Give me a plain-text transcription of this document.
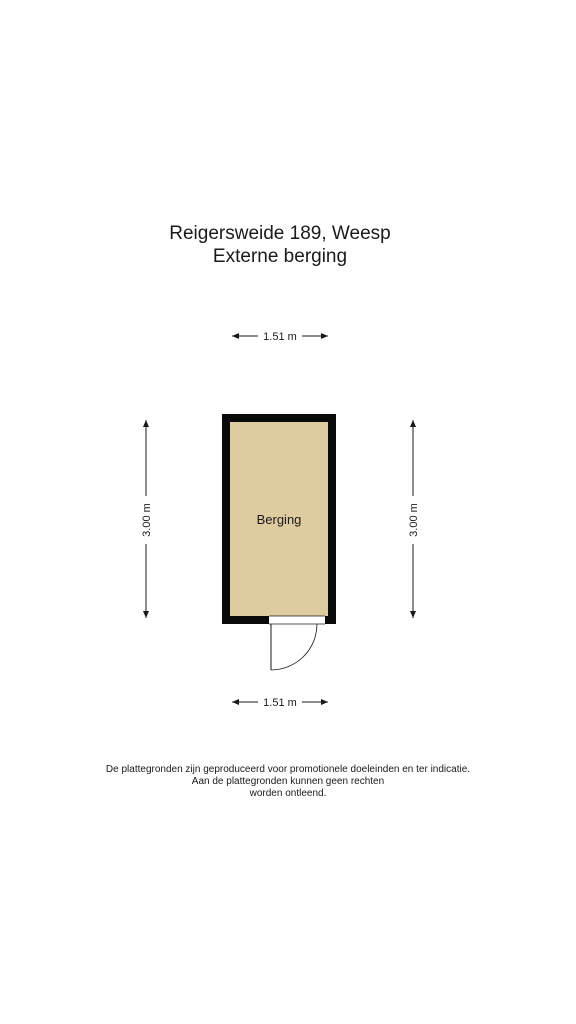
Reigersweide 189, Weesp
Externe berging
1.51 m
3.00 m	3.00 m
Berging
1.51 m
De plattegronden zijn geproduceerd voor promotionele doeleinden en ter indicatie.
Aan de plattegronden kunnen geen rechten
worden ontleend.
